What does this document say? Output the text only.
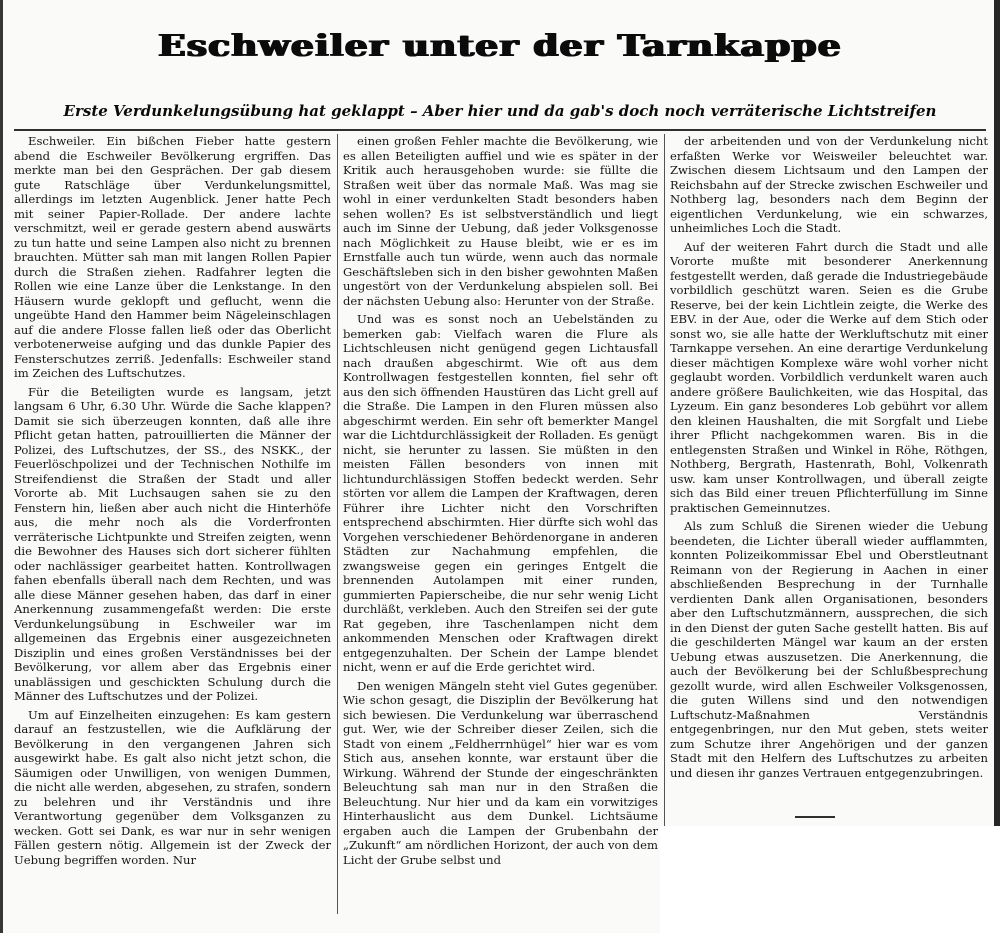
Eschweiler unter der Tarnkappe
Erste Verdunkelungsübung hat geklappt – Aber hier und da gab's doch noch verräterische Lichtstreifen

Eschweiler. Ein bißchen Fieber hatte gestern abend die Eschweiler Bevölkerung ergriffen. Das merkte man bei den Gesprächen. Der gab diesem gute Ratschläge über Verdunkelungsmittel, allerdings im letzten Augenblick. Jener hatte Pech mit seiner Papier-Rollade. Der andere lachte verschmitzt, weil er gerade gestern abend auswärts zu tun hatte und seine Lampen also nicht zu brennen brauchten. Mütter sah man mit langen Rollen Papier durch die Straßen ziehen. Radfahrer legten die Rollen wie eine Lanze über die Lenkstange. In den Häusern wurde geklopft und geflucht, wenn die ungeübte Hand den Hammer beim Nägeleinschlagen auf die andere Flosse fallen ließ oder das Oberlicht verbotenerweise aufging und das dunkle Papier des Fensterschutzes zerriß. Jedenfalls: Eschweiler stand im Zeichen des Luftschutzes.

Für die Beteiligten wurde es langsam, jetzt langsam 6 Uhr, 6.30 Uhr. Würde die Sache klappen? Damit sie sich überzeugen konnten, daß alle ihre Pflicht getan hatten, patrouillierten die Männer der Polizei, des Luftschutzes, der SS., des NSKK., der Feuerlöschpolizei und der Technischen Nothilfe im Streifendienst die Straßen der Stadt und aller Vororte ab. Mit Luchsaugen sahen sie zu den Fenstern hin, ließen aber auch nicht die Hinterhöfe aus, die mehr noch als die Vorderfronten verräterische Lichtpunkte und Streifen zeigten, wenn die Bewohner des Hauses sich dort sicherer fühlten oder nachlässiger gearbeitet hatten. Kontrollwagen fahen ebenfalls überall nach dem Rechten, und was alle diese Männer gesehen haben, das darf in einer Anerkennung zusammengefaßt werden: Die erste Verdunkelungsübung in Eschweiler war im allgemeinen das Ergebnis einer ausgezeichneten Disziplin und eines großen Verständnisses bei der Bevölkerung, vor allem aber das Ergebnis einer unablässigen und geschickten Schulung durch die Männer des Luftschutzes und der Polizei.

Um auf Einzelheiten einzugehen: Es kam gestern darauf an festzustellen, wie die Aufklärung der Bevölkerung in den vergangenen Jahren sich ausgewirkt habe. Es galt also nicht jetzt schon, die Säumigen oder Unwilligen, von wenigen Dummen, die nicht alle werden, abgesehen, zu strafen, sondern zu belehren und ihr Verständnis und ihre Verantwortung gegenüber dem Volksganzen zu wecken. Gott sei Dank, es war nur in sehr wenigen Fällen gestern nötig. Allgemein ist der Zweck der Uebung begriffen worden. Nur

einen großen Fehler machte die Bevölkerung, wie es allen Beteiligten auffiel und wie es später in der Kritik auch herausgehoben wurde: sie füllte die Straßen weit über das normale Maß. Was mag sie wohl in einer verdunkelten Stadt besonders haben sehen wollen? Es ist selbstverständlich und liegt auch im Sinne der Uebung, daß jeder Volksgenosse nach Möglichkeit zu Hause bleibt, wie er es im Ernstfalle auch tun würde, wenn auch das normale Geschäftsleben sich in den bisher gewohnten Maßen ungestört von der Verdunkelung abspielen soll. Bei der nächsten Uebung also: Herunter von der Straße.

Und was es sonst noch an Uebelständen zu bemerken gab: Vielfach waren die Flure als Lichtschleusen nicht genügend gegen Lichtausfall nach draußen abgeschirmt. Wie oft aus dem Kontrollwagen festgestellen konnten, fiel sehr oft aus den sich öffnenden Haustüren das Licht grell auf die Straße. Die Lampen in den Fluren müssen also abgeschirmt werden. Ein sehr oft bemerkter Mangel war die Lichtdurchlässigkeit der Rolladen. Es genügt nicht, sie herunter zu lassen. Sie müßten in den meisten Fällen besonders von innen mit lichtundurchlässigen Stoffen bedeckt werden. Sehr störten vor allem die Lampen der Kraftwagen, deren Führer ihre Lichter nicht den Vorschriften entsprechend abschirmten. Hier dürfte sich wohl das Vorgehen verschiedener Behördenorgane in anderen Städten zur Nachahmung empfehlen, die zwangsweise gegen ein geringes Entgelt die brennenden Autolampen mit einer runden, gummierten Papierscheibe, die nur sehr wenig Licht durchläßt, verkleben. Auch den Streifen sei der gute Rat gegeben, ihre Taschenlampen nicht dem ankommenden Menschen oder Kraftwagen direkt entgegenzuhalten. Der Schein der Lampe blendet nicht, wenn er auf die Erde gerichtet wird.

Den wenigen Mängeln steht viel Gutes gegenüber. Wie schon gesagt, die Disziplin der Bevölkerung hat sich bewiesen. Die Verdunkelung war überraschend gut. Wer, wie der Schreiber dieser Zeilen, sich die Stadt von einem „Feldherrnhügel“ hier war es vom Stich aus, ansehen konnte, war erstaunt über die Wirkung. Während der Stunde der eingeschränkten Beleuchtung sah man nur in den Straßen die Beleuchtung. Nur hier und da kam ein vorwitziges Hinterhauslicht aus dem Dunkel. Lichtsäume ergaben auch die Lampen der Grubenbahn der „Zukunft“ am nördlichen Horizont, der auch von dem Licht der Grube selbst und

der arbeitenden und von der Verdunkelung nicht erfaßten Werke vor Weisweiler beleuchtet war. Zwischen diesem Lichtsaum und den Lampen der Reichsbahn auf der Strecke zwischen Eschweiler und Nothberg lag, besonders nach dem Beginn der eigentlichen Verdunkelung, wie ein schwarzes, unheimliches Loch die Stadt.

Auf der weiteren Fahrt durch die Stadt und alle Vororte mußte mit besonderer Anerkennung festgestellt werden, daß gerade die Industriegebäude vorbildlich geschützt waren. Seien es die Grube Reserve, bei der kein Lichtlein zeigte, die Werke des EBV. in der Aue, oder die Werke auf dem Stich oder sonst wo, sie alle hatte der Werkluftschutz mit einer Tarnkappe versehen. An eine derartige Verdunkelung dieser mächtigen Komplexe wäre wohl vorher nicht geglaubt worden. Vorbildlich verdunkelt waren auch andere größere Baulichkeiten, wie das Hospital, das Lyzeum. Ein ganz besonderes Lob gebührt vor allem den kleinen Haushalten, die mit Sorgfalt und Liebe ihrer Pflicht nachgekommen waren. Bis in die entlegensten Straßen und Winkel in Röhe, Röthgen, Nothberg, Bergrath, Hastenrath, Bohl, Volkenrath usw. kam unser Kontrollwagen, und überall zeigte sich das Bild einer treuen Pflichterfüllung im Sinne praktischen Gemeinnutzes.

Als zum Schluß die Sirenen wieder die Uebung beendeten, die Lichter überall wieder aufflammten, konnten Polizeikommissar Ebel und Oberstleutnant Reimann von der Regierung in Aachen in einer abschließenden Besprechung in der Turnhalle verdienten Dank allen Organisationen, besonders aber den Luftschutzmännern, aussprechen, die sich in den Dienst der guten Sache gestellt hatten. Bis auf die geschilderten Mängel war kaum an der ersten Uebung etwas auszusetzen. Die Anerkennung, die auch der Bevölkerung bei der Schlußbesprechung gezollt wurde, wird allen Eschweiler Volksgenossen, die guten Willens sind und den notwendigen Luftschutz-Maßnahmen Verständnis entgegenbringen, nur den Mut geben, stets weiter zum Schutze ihrer Angehörigen und der ganzen Stadt mit den Helfern des Luftschutzes zu arbeiten und diesen ihr ganzes Vertrauen entgegenzubringen.
